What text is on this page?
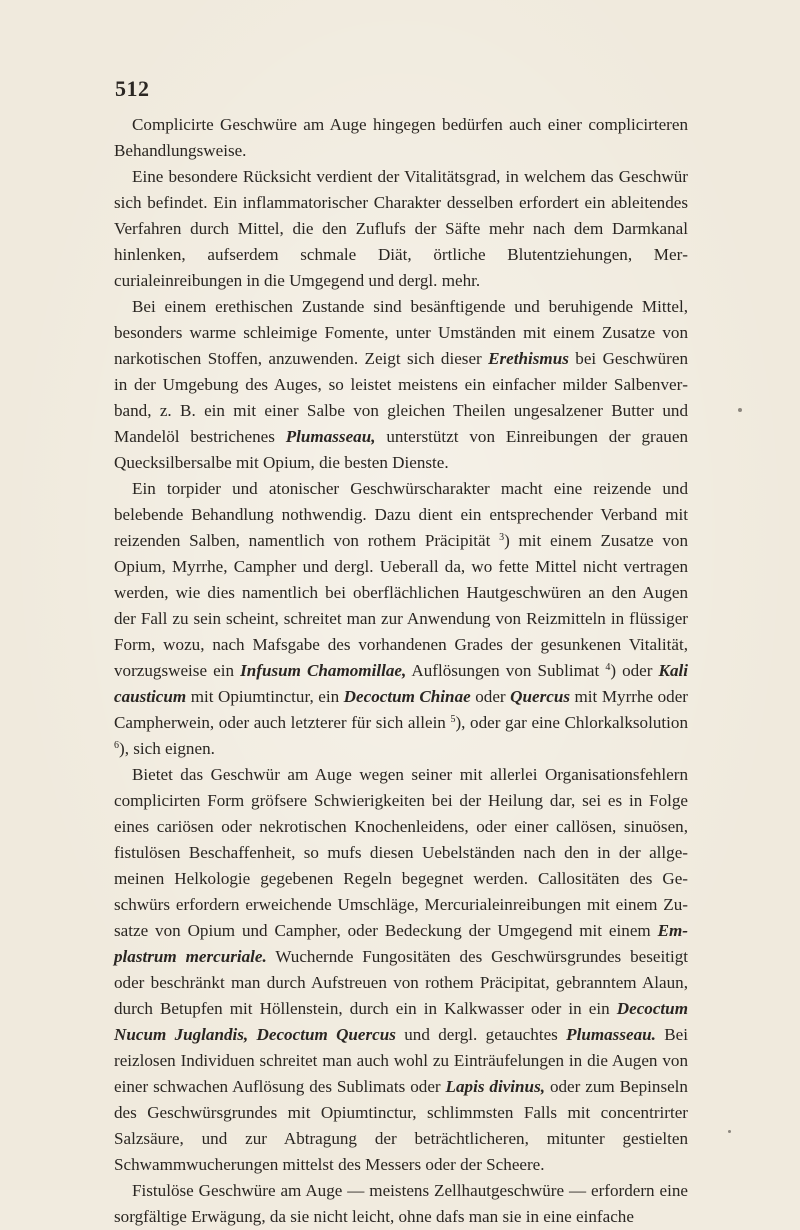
512

Complicirte Geschwüre am Auge hingegen bedürfen auch einer complicirteren Behandlungsweise.

Eine besondere Rücksicht verdient der Vitalitätsgrad, in welchem das Geschwür sich befindet. Ein inflammatorischer Charakter desselben erfordert ein ableitendes Verfahren durch Mittel, die den Zuflufs der Säfte mehr nach dem Darmkanal hinlenken, aufserdem schmale Diät, örtliche Blutentziehungen, Mercurialeinreibungen in die Umgegend und dergl. mehr.

Bei einem erethischen Zustande sind besänftigende und beruhigende Mittel, besonders warme schleimige Fomente, unter Umständen mit einem Zusatze von narkotischen Stoffen, anzuwenden. Zeigt sich dieser Erethismus bei Geschwüren in der Umgebung des Auges, so leistet meistens ein einfacher milder Salbenverband, z. B. ein mit einer Salbe von gleichen Theilen ungesalzener Butter und Mandelöl bestrichenes Plumasseau, unterstützt von Einreibungen der grauen Quecksilbersalbe mit Opium, die besten Dienste.

Ein torpider und atonischer Geschwürscharakter macht eine reizende und belebende Behandlung nothwendig. Dazu dient ein entsprechender Verband mit reizenden Salben, namentlich von rothem Präcipität $^3$) mit einem Zusatze von Opium, Myrrhe, Campher und dergl. Ueberall da, wo fette Mittel nicht vertragen werden, wie dies namentlich bei oberflächlichen Hautgeschwüren an den Augen der Fall zu sein scheint, schreitet man zur Anwendung von Reizmitteln in flüssiger Form, wozu, nach Mafsgabe des vorhandenen Grades der gesunkenen Vitalität, vorzugsweise ein Infusum Chamomillae, Auflösungen von Sublimat $^4$) oder Kali causticum mit Opiumtinctur, ein Decoctum Chinae oder Quercus mit Myrrhe oder Campherwein, oder auch letzterer für sich allein $^5$), oder gar eine Chlorkalksolution $^6$), sich eignen.

Bietet das Geschwür am Auge wegen seiner mit allerlei Organisationsfehlern complicirten Form gröfsere Schwierigkeiten bei der Heilung dar, sei es in Folge eines cariösen oder nekrotischen Knochenleidens, oder einer callösen, sinuösen, fistulösen Beschaffenheit, so mufs diesen Uebelständen nach den in der allgemeinen Helkologie gegebenen Regeln begegnet werden. Callositäten des Geschwürs erfordern erweichende Umschläge, Mercurialeinreibungen mit einem Zusatze von Opium und Campher, oder Bedeckung der Umgegend mit einem Emplastrum mercuriale. Wuchernde Fungositäten des Geschwürsgrundes beseitigt oder beschränkt man durch Aufstreuen von rothem Präcipitat, gebranntem Alaun, durch Betupfen mit Höllenstein, durch ein in Kalkwasser oder in ein Decoctum Nucum Juglandis, Decoctum Quercus und dergl. getauchtes Plumasseau. Bei reizlosen Individuen schreitet man auch wohl zu Einträufelungen in die Augen von einer schwachen Auflösung des Sublimats oder Lapis divinus, oder zum Bepinseln des Geschwürsgrundes mit Opiumtinctur, schlimmsten Falls mit concentrirter Salzsäure, und zur Abtragung der beträchtlicheren, mitunter gestielten Schwammwucherungen mittelst des Messers oder der Scheere.

Fistulöse Geschwüre am Auge — meistens Zellhautgeschwüre — erfordern eine sorgfältige Erwägung, da sie nicht leicht, ohne dafs man sie in eine einfache
